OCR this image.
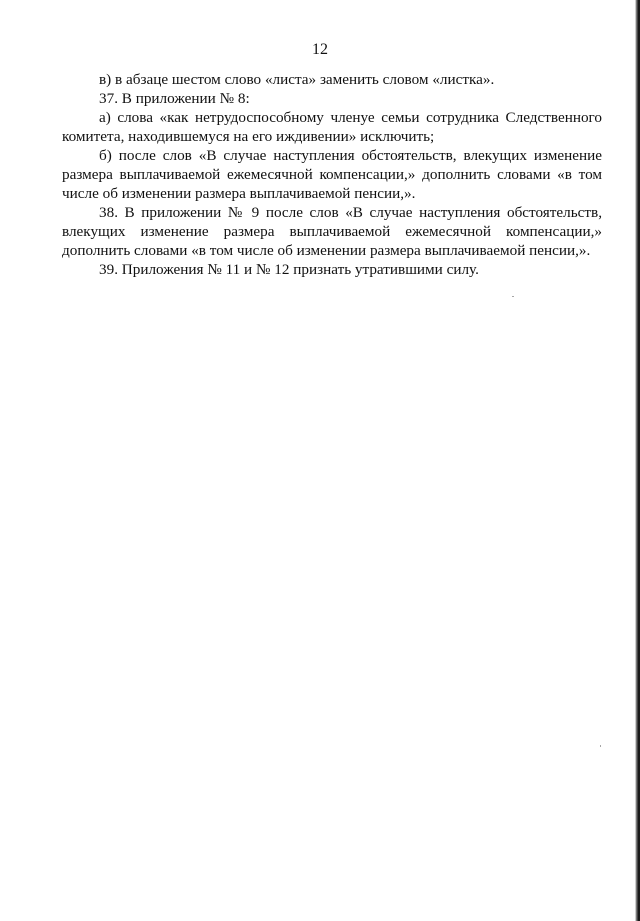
12

в) в абзаце шестом слово «листа» заменить словом «листка».

37. В приложении № 8:

а) слова «как нетрудоспособному членуе семьи сотрудника Следственного комитета, находившемуся на его иждивении» исключить;

б) после слов «В случае наступления обстоятельств, влекущих изменение размера выплачиваемой ежемесячной компенсации,» дополнить словами «в том числе об изменении размера выплачиваемой пенсии,».

38. В приложении № 9 после слов «В случае наступления обстоятельств, влекущих изменение размера выплачиваемой ежемесячной компенсации,» дополнить словами «в том числе об изменении размера выплачиваемой пенсии,».

39. Приложения № 11 и № 12 признать утратившими силу.
